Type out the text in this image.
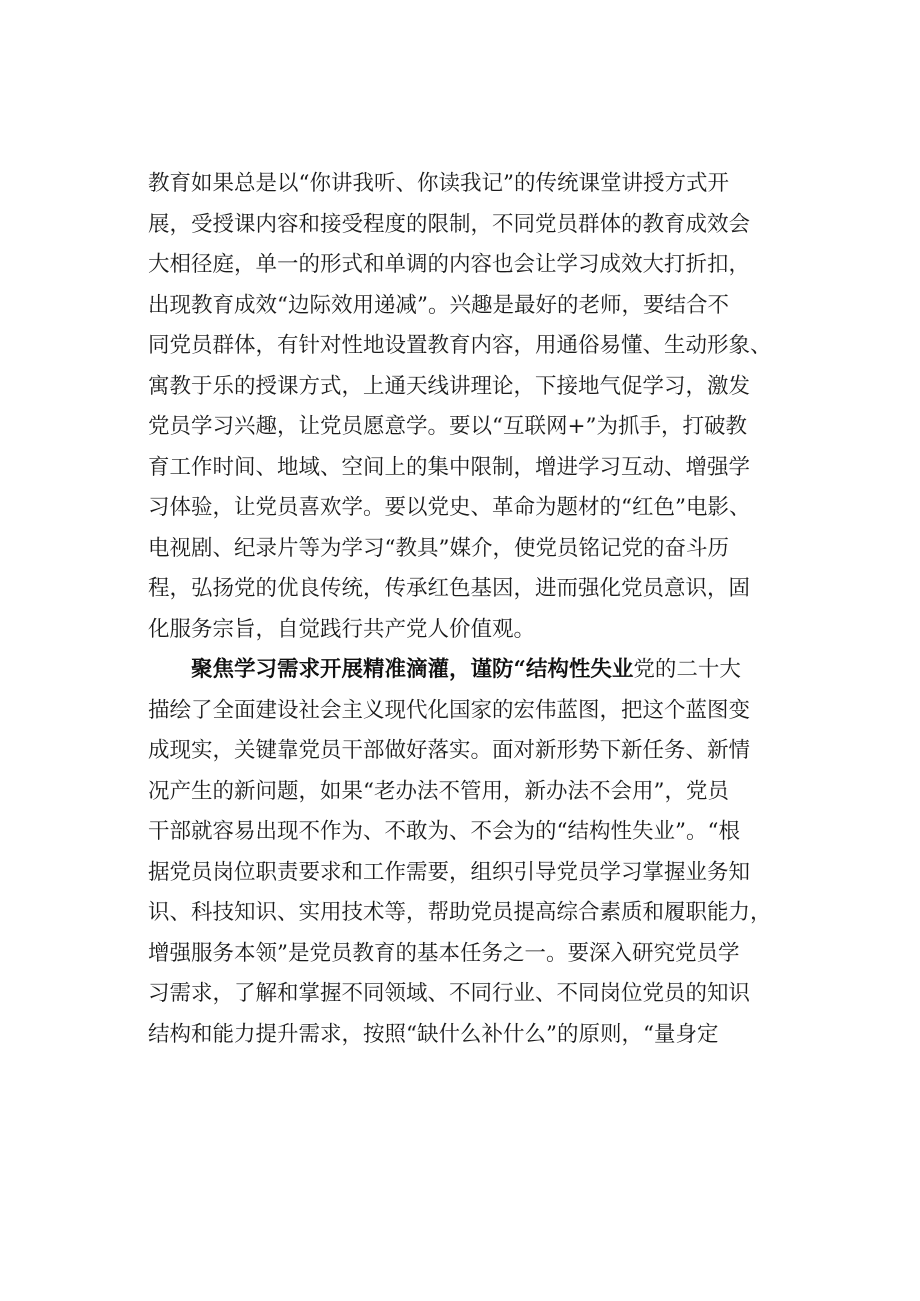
教育如果总是以“你讲我听、你读我记”的传统课堂讲授方式开
展，受授课内容和接受程度的限制，不同党员群体的教育成效会
大相径庭，单一的形式和单调的内容也会让学习成效大打折扣，
出现教育成效“边际效用递减”。兴趣是最好的老师，要结合不
同党员群体，有针对性地设置教育内容，用通俗易懂、生动形象、
寓教于乐的授课方式，上通天线讲理论，下接地气促学习，激发
党员学习兴趣，让党员愿意学。要以“互联网+”为抓手，打破教
育工作时间、地域、空间上的集中限制，增进学习互动、增强学
习体验，让党员喜欢学。要以党史、革命为题材的“红色”电影、
电视剧、纪录片等为学习“教具”媒介，使党员铭记党的奋斗历
程，弘扬党的优良传统，传承红色基因，进而强化党员意识，固
化服务宗旨，自觉践行共产党人价值观。
聚焦学习需求开展精准滴灌，谨防“结构性失业党的二十大
描绘了全面建设社会主义现代化国家的宏伟蓝图，把这个蓝图变
成现实，关键靠党员干部做好落实。面对新形势下新任务、新情
况产生的新问题，如果“老办法不管用，新办法不会用”，党员
干部就容易出现不作为、不敢为、不会为的“结构性失业”。“根
据党员岗位职责要求和工作需要，组织引导党员学习掌握业务知
识、科技知识、实用技术等，帮助党员提高综合素质和履职能力，
增强服务本领”是党员教育的基本任务之一。要深入研究党员学
习需求，了解和掌握不同领域、不同行业、不同岗位党员的知识
结构和能力提升需求，按照“缺什么补什么”的原则，“量身定
